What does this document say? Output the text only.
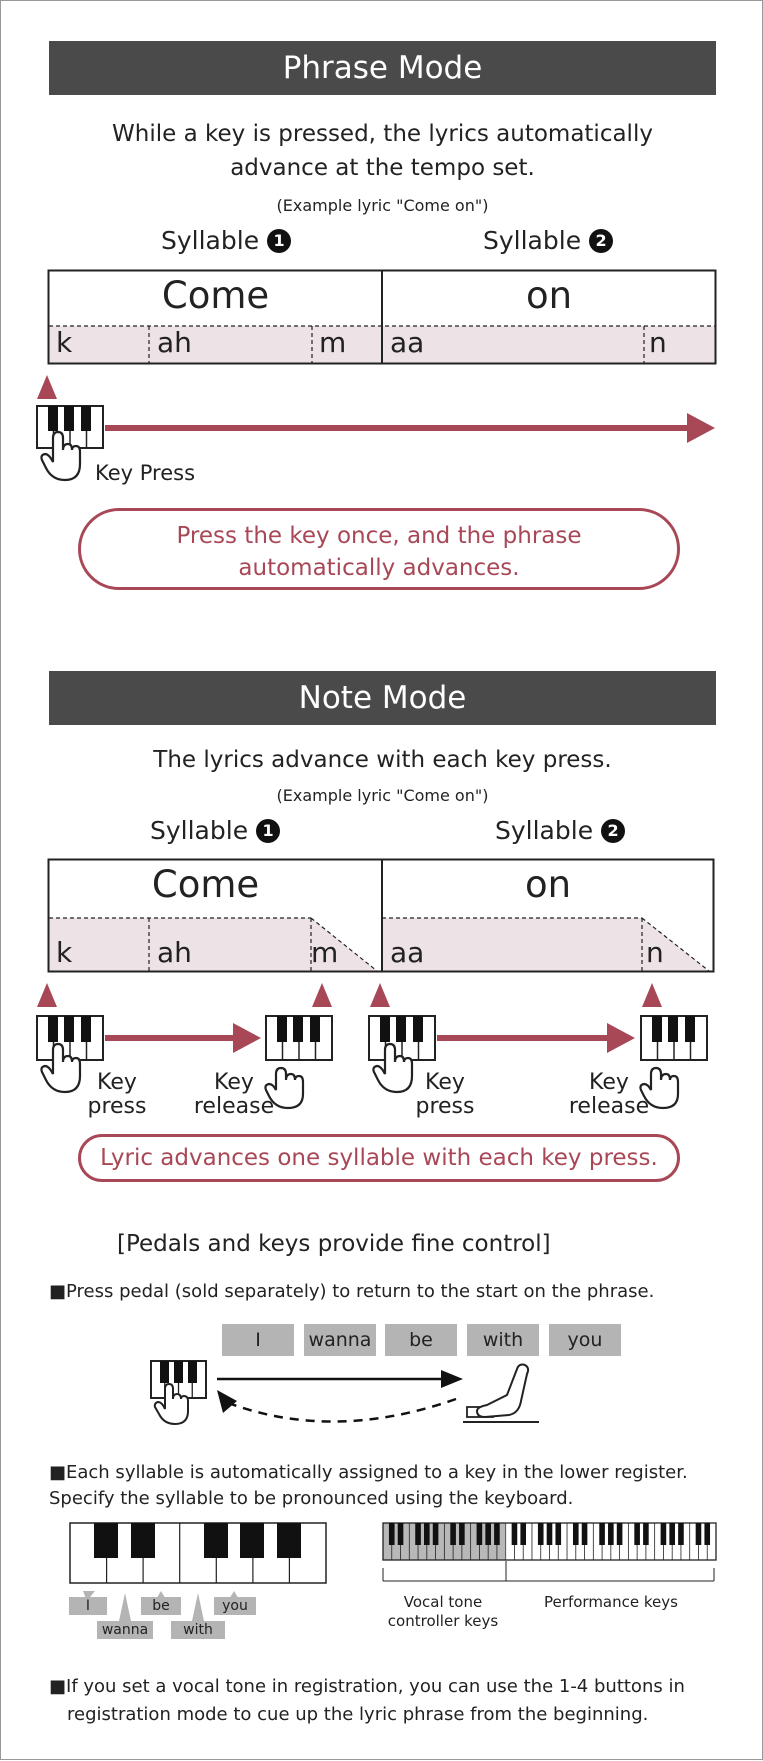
Phrase Mode
While a key is pressed, the lyrics automatically
advance at the tempo set.
(Example lyric "Come on")
Syllable 1	Syllable 2
Come	on
k	ah	m aa	n
Key Press
Press the key once, and the phrase
automatically advances.
Note Mode
The lyrics advance with each key press.
(Example lyric "Come on")
Syllable 1	Syllable 2
Come	on
k	ah	m aa	n
Key
press
Key
release
Key
press
Key
release
Lyric advances one syllable with each key press.
[Pedals and keys provide fine control]
■Press pedal (sold separately) to return to the start on the phrase.
I	wanna	be	with	you
■Each syllable is automatically assigned to a key in the lower register.
Specify the syllable to be pronounced using the keyboard.
I
wanna
be
with
you	Vocal tone
controller keys
Performance keys
■If you set a vocal tone in registration, you can use the 1-4 buttons in
registration mode to cue up the lyric phrase from the beginning.
